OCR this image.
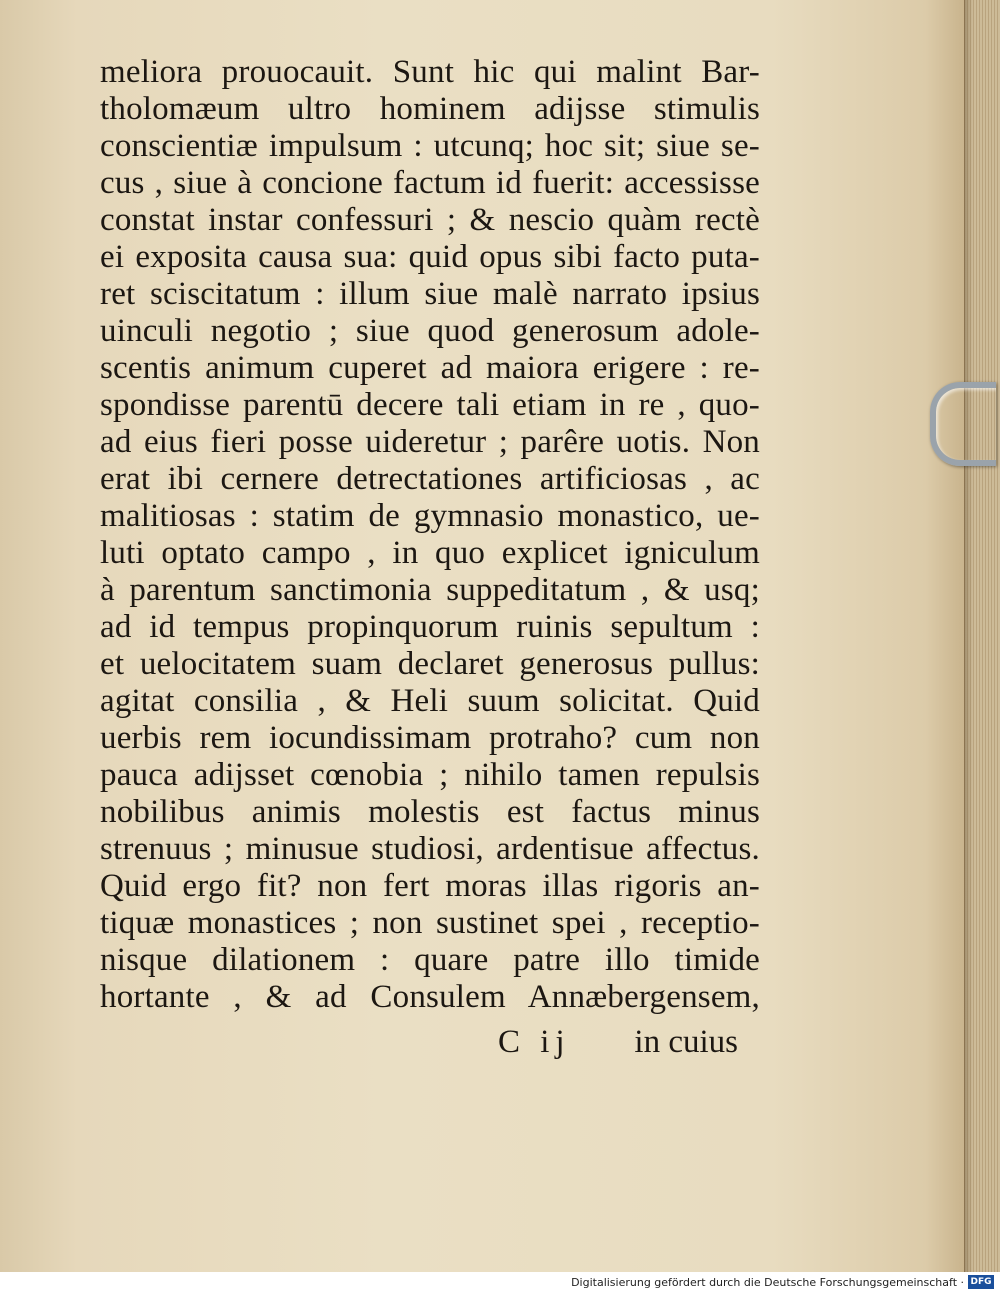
meliora prouocauit. Sunt hic qui malint Bar-
tholomæum ultro hominem adijsse stimulis
conscientiæ impulsum : utcunq; hoc sit; siue se-
cus , siue à concione factum id fuerit: accessisse
constat instar confessuri ; & nescio quàm rectè
ei exposita causa sua: quid opus sibi facto puta-
ret sciscitatum : illum siue malè narrato ipsius
uinculi negotio ; siue quod generosum adole-
scentis animum cuperet ad maiora erigere : re-
spondisse parentū decere tali etiam in re , quo-
ad eius fieri posse uideretur ; parêre uotis. Non
erat ibi cernere detrectationes artificiosas , ac
malitiosas : statim de gymnasio monastico, ue-
luti optato campo , in quo explicet igniculum
à parentum sanctimonia suppeditatum , & usq;
ad id tempus propinquorum ruinis sepultum :
et uelocitatem suam declaret generosus pullus:
agitat consilia , & Heli suum solicitat. Quid
uerbis rem iocundissimam protraho? cum non
pauca adijsset cœnobia ; nihilo tamen repulsis
nobilibus animis molestis est factus minus
strenuus ; minusue studiosi, ardentisue affectus.
Quid ergo fit? non fert moras illas rigoris an-
tiquæ monastices ; non sustinet spei , receptio-
nisque dilationem : quare patre illo timide
hortante , & ad Consulem Annæbergensem,
C ij in cuius
Digitalisierung gefördert durch die Deutsche Forschungsgemeinschaft · DFG
